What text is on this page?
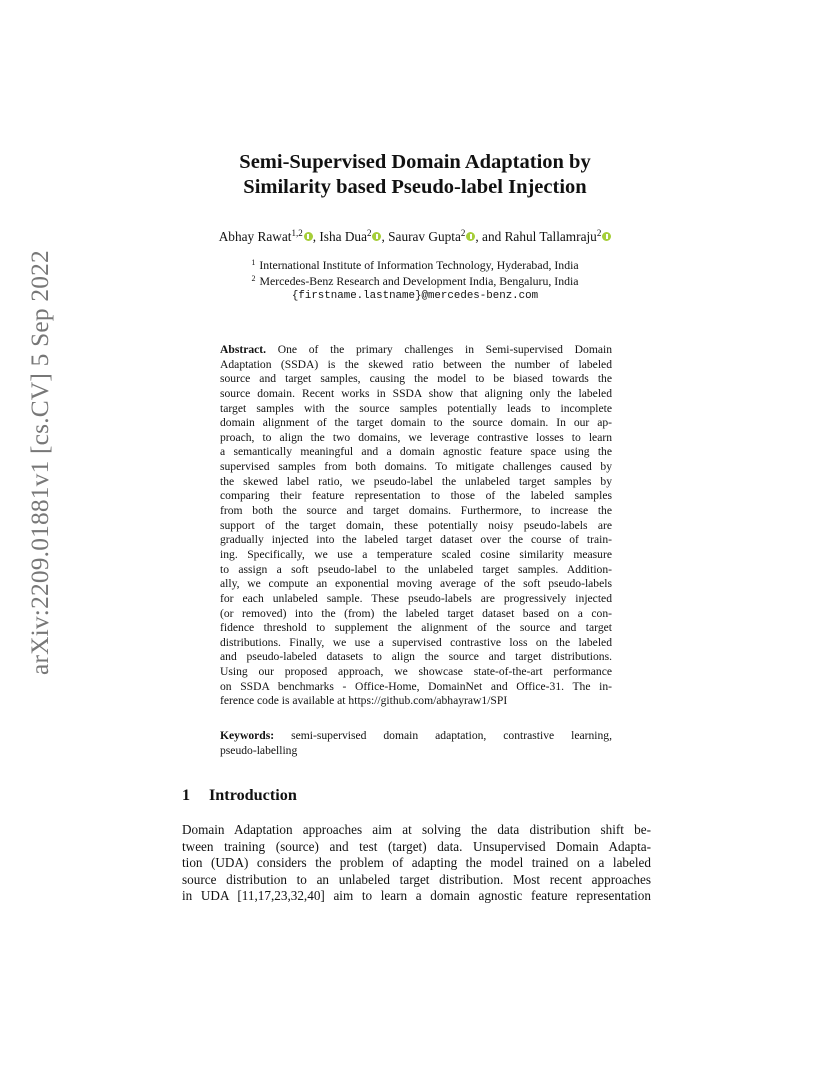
arXiv:2209.01881v1 [cs.CV] 5 Sep 2022
Semi-Supervised Domain Adaptation by
Similarity based Pseudo-label Injection
Abhay Rawat$^{1,2}$ , Isha Dua$^2$ , Saurav Gupta$^2$ , and Rahul Tallamraju$^2$
$^1$ International Institute of Information Technology, Hyderabad, India
$^2$ Mercedes-Benz Research and Development India, Bengaluru, India
{firstname.lastname}@mercedes-benz.com
Abstract. One of the primary challenges in Semi-supervised Domain
Adaptation (SSDA) is the skewed ratio between the number of labeled
source and target samples, causing the model to be biased towards the
source domain. Recent works in SSDA show that aligning only the labeled
target samples with the source samples potentially leads to incomplete
domain alignment of the target domain to the source domain. In our ap-
proach, to align the two domains, we leverage contrastive losses to learn
a semantically meaningful and a domain agnostic feature space using the
supervised samples from both domains. To mitigate challenges caused by
the skewed label ratio, we pseudo-label the unlabeled target samples by
comparing their feature representation to those of the labeled samples
from both the source and target domains. Furthermore, to increase the
support of the target domain, these potentially noisy pseudo-labels are
gradually injected into the labeled target dataset over the course of train-
ing. Specifically, we use a temperature scaled cosine similarity measure
to assign a soft pseudo-label to the unlabeled target samples. Addition-
ally, we compute an exponential moving average of the soft pseudo-labels
for each unlabeled sample. These pseudo-labels are progressively injected
(or removed) into the (from) the labeled target dataset based on a con-
fidence threshold to supplement the alignment of the source and target
distributions. Finally, we use a supervised contrastive loss on the labeled
and pseudo-labeled datasets to align the source and target distributions.
Using our proposed approach, we showcase state-of-the-art performance
on SSDA benchmarks - Office-Home, DomainNet and Office-31. The in-
ference code is available at https://github.com/abhayraw1/SPI
Keywords: semi-supervised domain adaptation, contrastive learning,
pseudo-labelling
1 Introduction
Domain Adaptation approaches aim at solving the data distribution shift be-
tween training (source) and test (target) data. Unsupervised Domain Adapta-
tion (UDA) considers the problem of adapting the model trained on a labeled
source distribution to an unlabeled target distribution. Most recent approaches
in UDA [11,17,23,32,40] aim to learn a domain agnostic feature representation
